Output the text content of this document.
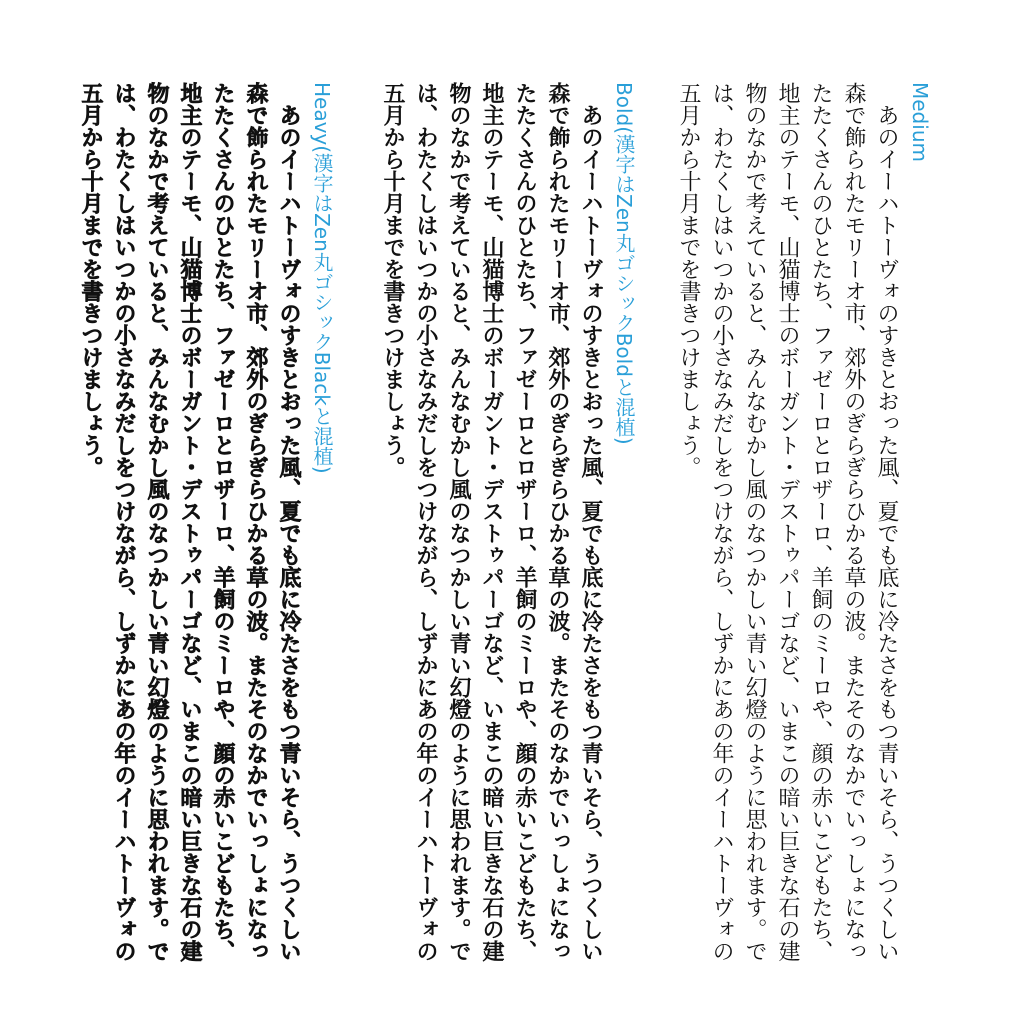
Medium
あのイーハトーヴォのすきとおった風、夏でも底に冷たさをもつ青いそら、うつくしい森で飾られたモリーオ市、郊外のぎらぎらひかる草の波。またそのなかでいっしょになったたくさんのひとたち、ファゼーロとロザーロ、羊飼のミーロや、顔の赤いこどもたち、地主のテーモ、山猫博士のボーガント・デストゥパーゴなど、いまこの暗い巨きな石の建物のなかで考えていると、みんなむかし風のなつかしい青い幻燈のように思われます。では、わたくしはいつかの小さなみだしをつけながら、しずかにあの年のイーハトーヴォの五月から十月までを書きつけましょう。
Bold(漢字はZen丸ゴシックBoldと混植)
あのイーハトーヴォのすきとおった風、夏でも底に冷たさをもつ青いそら、うつくしい森で飾られたモリーオ市、郊外のぎらぎらひかる草の波。またそのなかでいっしょになったたくさんのひとたち、ファゼーロとロザーロ、羊飼のミーロや、顔の赤いこどもたち、地主のテーモ、山猫博士のボーガント・デストゥパーゴなど、いまこの暗い巨きな石の建物のなかで考えていると、みんなむかし風のなつかしい青い幻燈のように思われます。では、わたくしはいつかの小さなみだしをつけながら、しずかにあの年のイーハトーヴォの五月から十月までを書きつけましょう。
Heavy(漢字はZen丸ゴシックBlackと混植)
あのイーハトーヴォのすきとおった風、夏でも底に冷たさをもつ青いそら、うつくしい森で飾られたモリーオ市、郊外のぎらぎらひかる草の波。またそのなかでいっしょになったたくさんのひとたち、ファゼーロとロザーロ、羊飼のミーロや、顔の赤いこどもたち、地主のテーモ、山猫博士のボーガント・デストゥパーゴなど、いまこの暗い巨きな石の建物のなかで考えていると、みんなむかし風のなつかしい青い幻燈のように思われます。では、わたくしはいつかの小さなみだしをつけながら、しずかにあの年のイーハトーヴォの五月から十月までを書きつけましょう。
